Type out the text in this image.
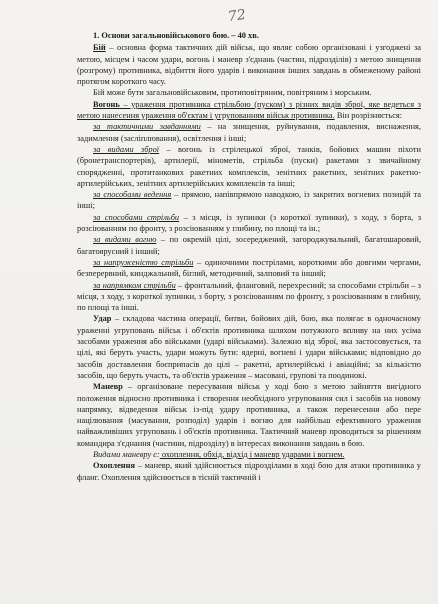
72

1. Основи загальновійськового бою. – 40 хв.

Бій – основна форма тактичних дій військ, що являє собою організовані і узгоджені за метою, місцем і часом удари, вогонь і маневр з'єднань (частин, підрозділів) з метою знищення (розгрому) противника, відбиття його ударів і виконання інших завдань в обмеженому районі протягом короткого часу.

Бій може бути загальновійськовим, протиповітряним, повітряним і морським.

Вогонь – ураження противника стрільбою (пуском) з різних видів зброї, яке ведеться з метою нанесення ураження об'єктам і угрупованням військ противника. Він розрізняється:

за тактичними завданнями – на знищення, руйнування, подавлення, виснаження, задимлення (засліплювання), освітлення і інші;

за видами зброї – вогонь із стрілецької зброї, танків, бойових машин піхоти (бронетранспортерів), артилерії, мінометів, стрільба (пуски) ракетами з звичайному спорядженні, протитанкових ракетних комплексів, зенітних ракетних, зенітних ракетно-артилерійських, зенітних артилерійських комплексів та інші;

за способами ведення – прямою, напівпрямою наводкою, із закритих вогневих позицій та інші;

за способами стрільби – з місця, із зупинки (з короткої зупинки), з ходу, з борта, з розсіюванням по фронту, з розсіюванням у глибину, по площі та ін.;

за видами вогню – по окремій цілі, зосереджений, загороджувальний, багатошаровий, багатоярусний і інший;

за напруженістю стрільби – одиночними пострілами, короткими або довгими чергами, безперервний, кинджальний, біглий, методичний, залповий та інший;

за напрямком стрільби – фронтальний, фланговий, перехресний; за способами стрільби – з місця, з ходу, з короткої зупинки, з борту, з розсіюванням по фронту, з розсіюванням в глибину, по площі та інші.

Удар – складова частина операції, битви, бойових дій, бою, яка полягає в одночасному ураженні угруповань військ і об'єктів противника шляхом потужного впливу на них усіма засобами ураження або військами (ударі військами). Залежно від зброї, яка застосовується, та цілі, які беруть участь, удари можуть бути: ядерні, вогневі і удари військами; відповідно до засобів доставлення боєприпасів до цілі – ракетні, артилерійські і авіаційні; за кількістю засобів, що беруть участь, та об'єктів ураження – масовані, групові та поодинокі.

Маневр – організоване пересування військ у ході бою з метою зайняття вигідного положення відносно противника і створення необхідного угруповання сил і засобів на новому напрямку, відведення військ із-під удару противника, а також перенесення або пере націлювання (масування, розподіл) ударів і вогню для найбільш ефективного ураження найважливіших угруповань і об'єктів противника. Тактичний маневр проводиться за рішенням командира з'єднання (частини, підрозділу) в інтересах виконання завдань в бою.

Видами маневру є: охоплення, обхід, відхід і маневр ударами і вогнем.

Охоплення – маневр, який здійснюється підрозділами в ході бою для атаки противника у фланг. Охоплення здійснюється в тісній тактичній і
